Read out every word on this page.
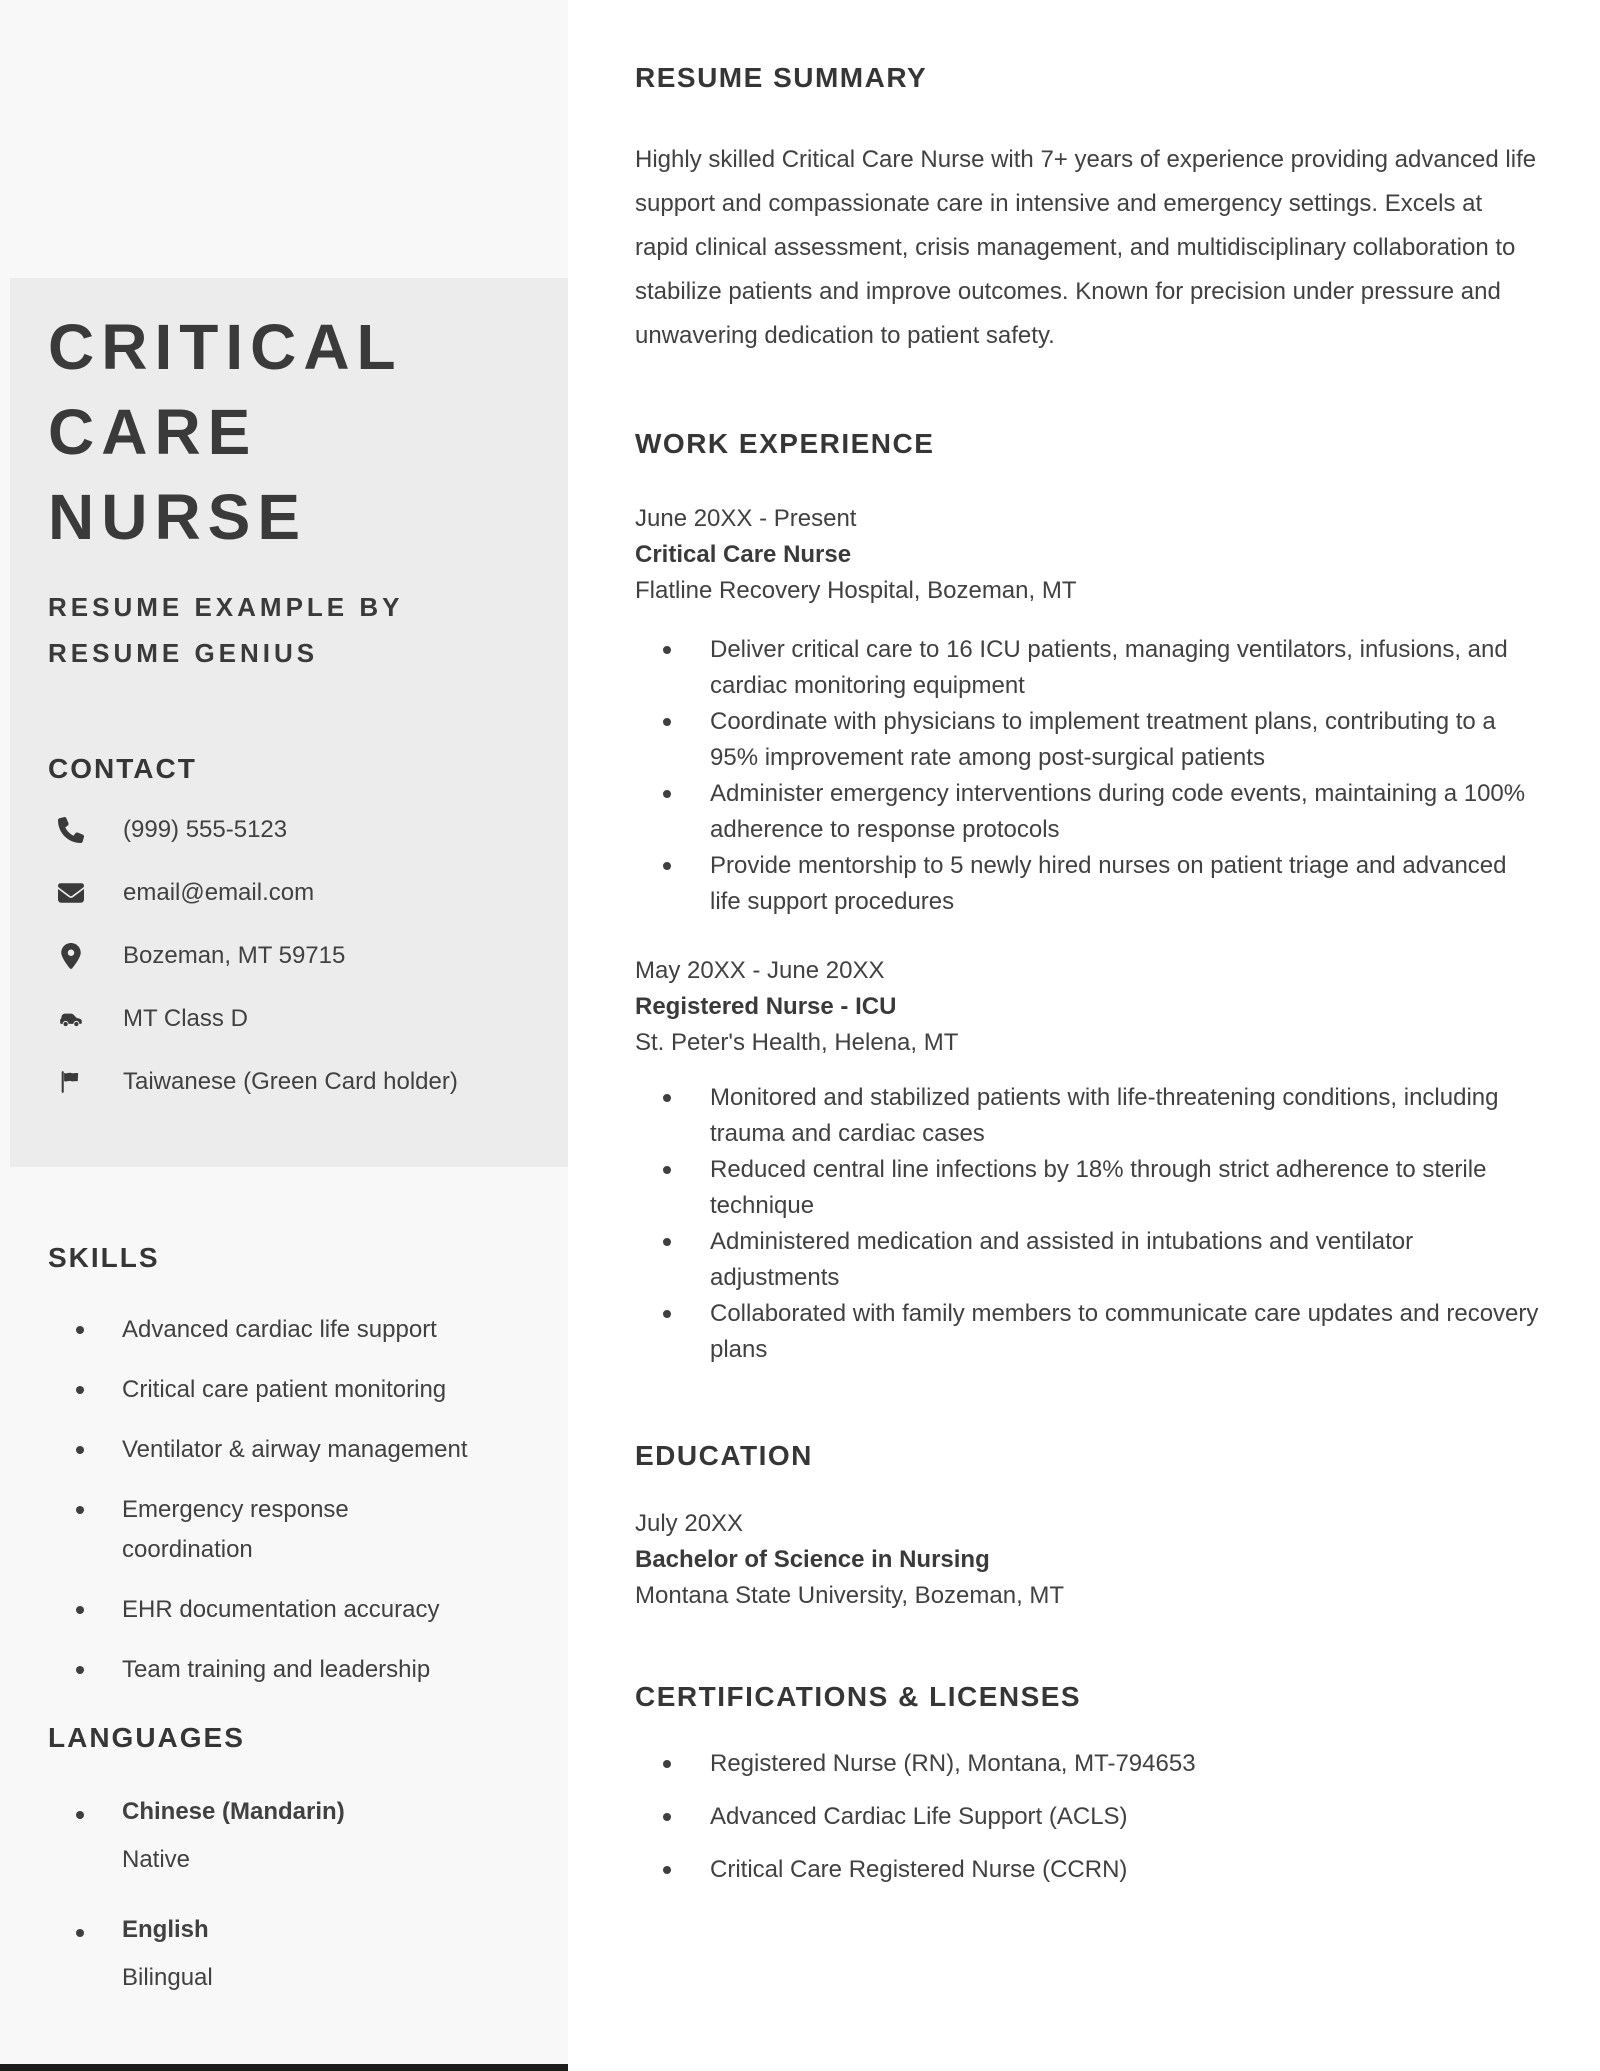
CRITICAL
CARE
NURSE
RESUME EXAMPLE BY
RESUME GENIUS
CONTACT
(999) 555-5123
email@email.com
Bozeman, MT 59715
MT Class D
Taiwanese (Green Card holder)
SKILLS
Advanced cardiac life support
Critical care patient monitoring
Ventilator & airway management
Emergency response coordination
EHR documentation accuracy
Team training and leadership
LANGUAGES
Chinese (Mandarin)
Native
English
Bilingual
RESUME SUMMARY

Highly skilled Critical Care Nurse with 7+ years of experience providing advanced life support and compassionate care in intensive and emergency settings. Excels at rapid clinical assessment, crisis management, and multidisciplinary collaboration to stabilize patients and improve outcomes. Known for precision under pressure and unwavering dedication to patient safety.

WORK EXPERIENCE
June 20XX - Present
Critical Care Nurse
Flatline Recovery Hospital, Bozeman, MT
Deliver critical care to 16 ICU patients, managing ventilators, infusions, and cardiac monitoring equipment
Coordinate with physicians to implement treatment plans, contributing to a 95% improvement rate among post-surgical patients
Administer emergency interventions during code events, maintaining a 100% adherence to response protocols
Provide mentorship to 5 newly hired nurses on patient triage and advanced life support procedures
May 20XX - June 20XX
Registered Nurse - ICU
St. Peter's Health, Helena, MT
Monitored and stabilized patients with life-threatening conditions, including trauma and cardiac cases
Reduced central line infections by 18% through strict adherence to sterile technique
Administered medication and assisted in intubations and ventilator adjustments
Collaborated with family members to communicate care updates and recovery plans
EDUCATION
July 20XX
Bachelor of Science in Nursing
Montana State University, Bozeman, MT
CERTIFICATIONS & LICENSES
Registered Nurse (RN), Montana, MT-794653
Advanced Cardiac Life Support (ACLS)
Critical Care Registered Nurse (CCRN)
